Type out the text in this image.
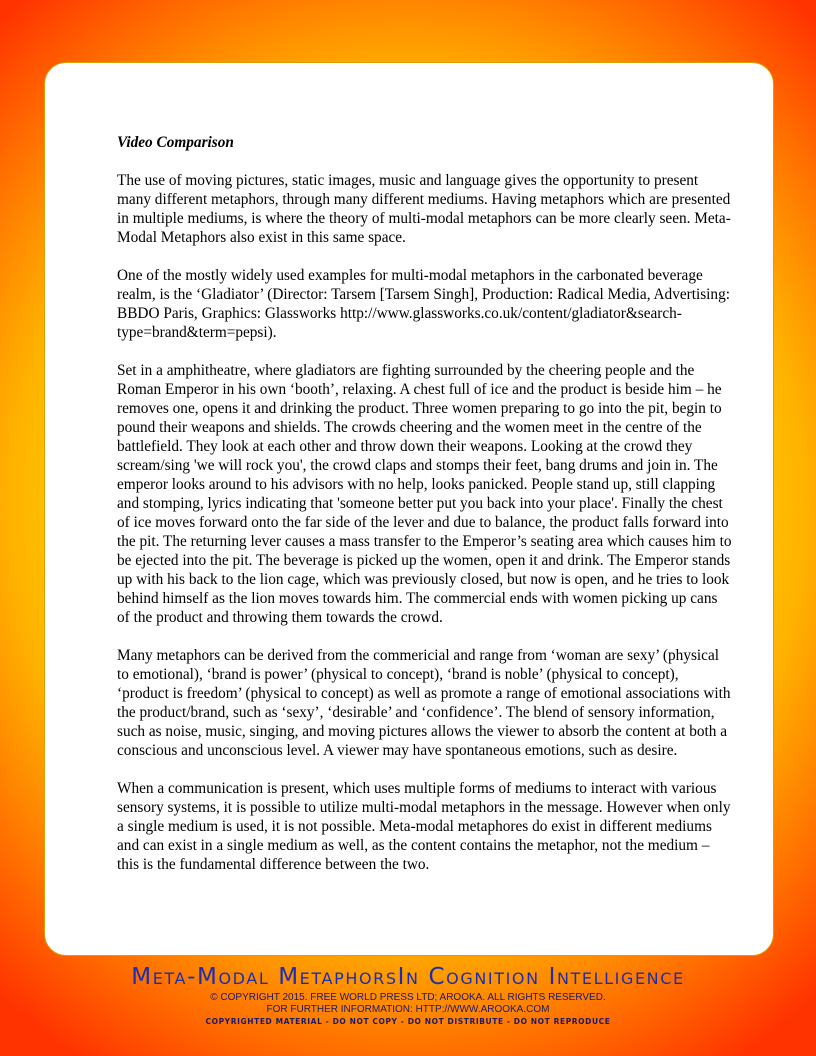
Video Comparison

The use of moving pictures, static images, music and language gives the opportunity to present many different metaphors, through many different mediums. Having metaphors which are presented in multiple mediums, is where the theory of multi-modal metaphors can be more clearly seen. Meta-Modal Metaphors also exist in this same space.

One of the mostly widely used examples for multi-modal metaphors in the carbonated beverage realm, is the ‘Gladiator’ (Director: Tarsem [Tarsem Singh], Production: Radical Media, Advertising: BBDO Paris, Graphics: Glassworks http://www.glassworks.co.uk/content/gladiator&search-type=brand&term=pepsi).

Set in a amphitheatre, where gladiators are fighting surrounded by the cheering people and the Roman Emperor in his own ‘booth’, relaxing. A chest full of ice and the product is beside him – he removes one, opens it and drinking the product. Three women preparing to go into the pit, begin to pound their weapons and shields. The crowds cheering and the women meet in the centre of the battlefield. They look at each other and throw down their weapons. Looking at the crowd they scream/sing 'we will rock you', the crowd claps and stomps their feet, bang drums and join in. The emperor looks around to his advisors with no help, looks panicked. People stand up, still clapping and stomping, lyrics indicating that 'someone better put you back into your place'. Finally the chest of ice moves forward onto the far side of the lever and due to balance, the product falls forward into the pit. The returning lever causes a mass transfer to the Emperor’s seating area which causes him to be ejected into the pit. The beverage is picked up the women, open it and drink. The Emperor stands up with his back to the lion cage, which was previously closed, but now is open, and he tries to look behind himself as the lion moves towards him. The commercial ends with women picking up cans of the product and throwing them towards the crowd.

Many metaphors can be derived from the commericial and range from ‘woman are sexy’ (physical to emotional), ‘brand is power’ (physical to concept), ‘brand is noble’ (physical to concept), ‘product is freedom’ (physical to concept) as well as promote a range of emotional associations with the product/brand, such as ‘sexy’, ‘desirable’ and ‘confidence’. The blend of sensory information, such as noise, music, singing, and moving pictures allows the viewer to absorb the content at both a conscious and unconscious level. A viewer may have spontaneous emotions, such as desire.

When a communication is present, which uses multiple forms of mediums to interact with various sensory systems, it is possible to utilize multi-modal metaphors in the message. However when only a single medium is used, it is not possible. Meta-modal metaphores do exist in different mediums and can exist in a single medium as well, as the content contains the metaphor, not the medium – this is the fundamental difference between the two.

Meta-Modal MetaphorsIn Cognition Intelligence
© COPYRIGHT 2015. FREE WORLD PRESS LTD; AROOKA. ALL RIGHTS RESERVED.
FOR FURTHER INFORMATION: HTTP://WWW.AROOKA.COM
COPYRIGHTED MATERIAL - DO NOT COPY - DO NOT DISTRIBUTE - DO NOT REPRODUCE
